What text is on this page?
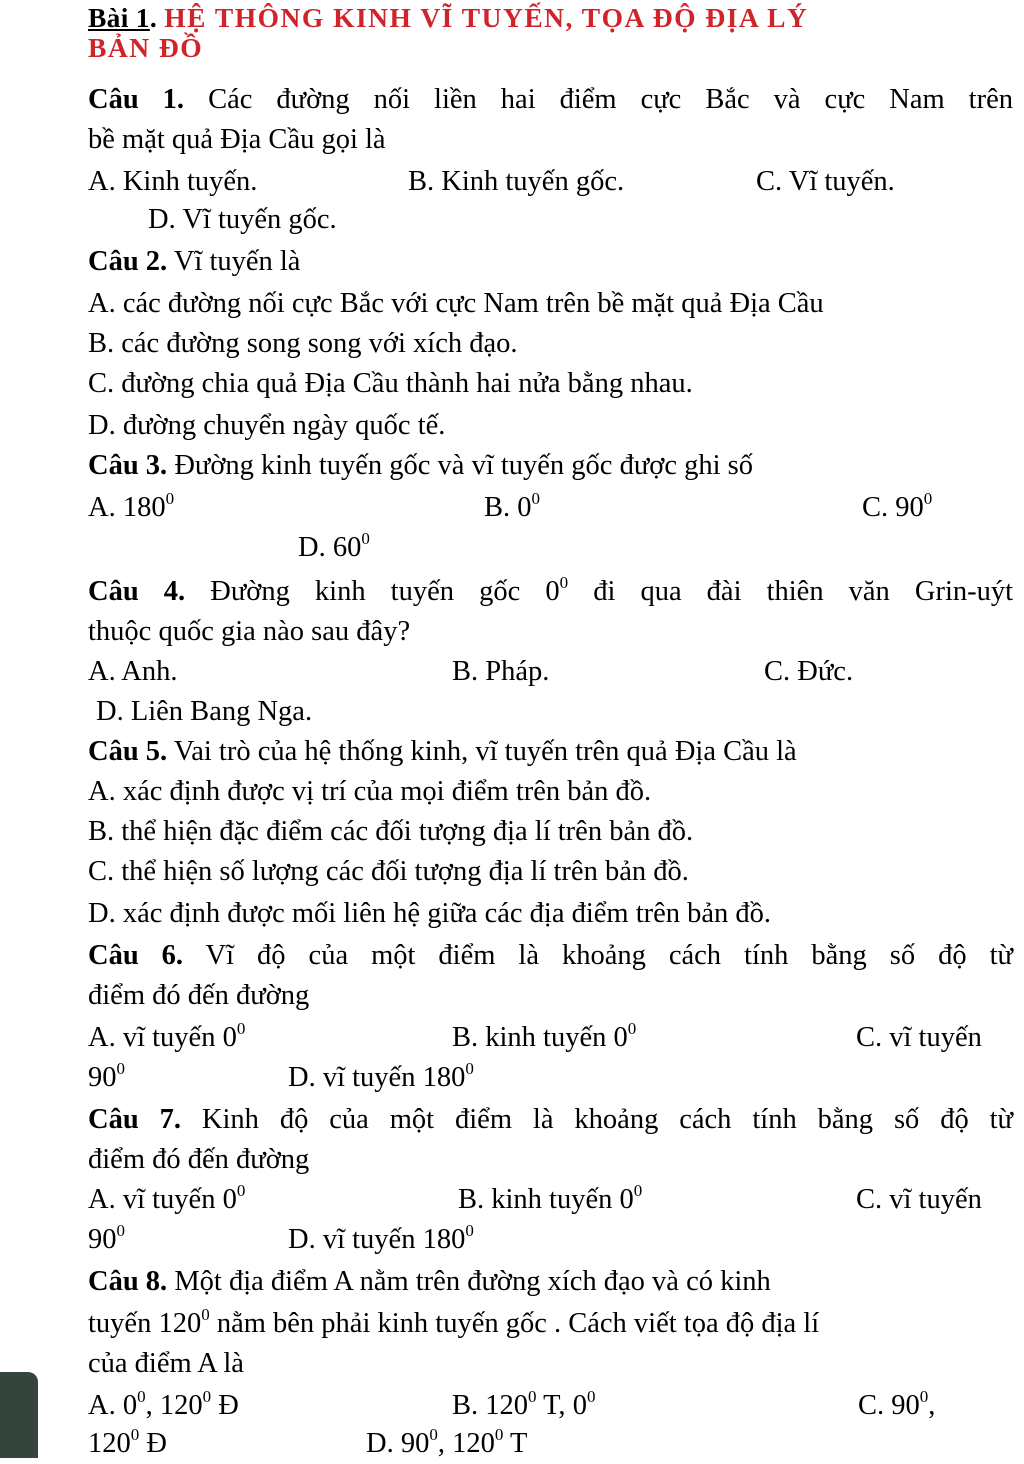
Bài 1. HỆ THÔNG KINH VĨ TUYẾN, TỌA ĐỘ ĐỊA LÝ
BẢN ĐỒ
Câu 1. Các đường nối liền hai điểm cực Bắc và cực Nam trên
bề mặt quả Địa Cầu gọi là
A. Kinh tuyến.	B. Kinh tuyến gốc.	C. Vĩ tuyến.
D. Vĩ tuyến gốc.
Câu 2. Vĩ tuyến là
A. các đường nối cực Bắc với cực Nam trên bề mặt quả Địa Cầu
B. các đường song song với xích đạo.
C. đường chia quả Địa Cầu thành hai nửa bằng nhau.
D. đường chuyển ngày quốc tế.
Câu 3. Đường kinh tuyến gốc và vĩ tuyến gốc được ghi số
A. $180^0$	B. $0^0$	C. $90^0$
D. $60^0$
Câu 4. Đường kinh tuyến gốc $0^0$ đi qua đài thiên văn Grin-uýt
thuộc quốc gia nào sau đây?
A. Anh.	B. Pháp.	C. Đức.
D. Liên Bang Nga.
Câu 5. Vai trò của hệ thống kinh, vĩ tuyến trên quả Địa Cầu là
A. xác định được vị trí của mọi điểm trên bản đồ.
B. thể hiện đặc điểm các đối tượng địa lí trên bản đồ.
C. thể hiện số lượng các đối tượng địa lí trên bản đồ.
D. xác định được mối liên hệ giữa các địa điểm trên bản đồ.
Câu 6. Vĩ độ của một điểm là khoảng cách tính bằng số độ từ
điểm đó đến đường
A. vĩ tuyến $0^0$	B. kinh tuyến $0^0$	C. vĩ tuyến
$90^0$	D. vĩ tuyến $180^0$
Câu 7. Kinh độ của một điểm là khoảng cách tính bằng số độ từ
điểm đó đến đường
A. vĩ tuyến $0^0$	B. kinh tuyến $0^0$	C. vĩ tuyến
$90^0$	D. vĩ tuyến $180^0$
Câu 8. Một địa điểm A nằm trên đường xích đạo và có kinh
tuyến $120^0$ nằm bên phải kinh tuyến gốc . Cách viết tọa độ địa lí
của điểm A là
A. $0^0$, $120^0$ Đ	B. $120^0$ T, $0^0$	C. $90^0$,
$120^0$ Đ	D. $90^0$, $120^0$ T
